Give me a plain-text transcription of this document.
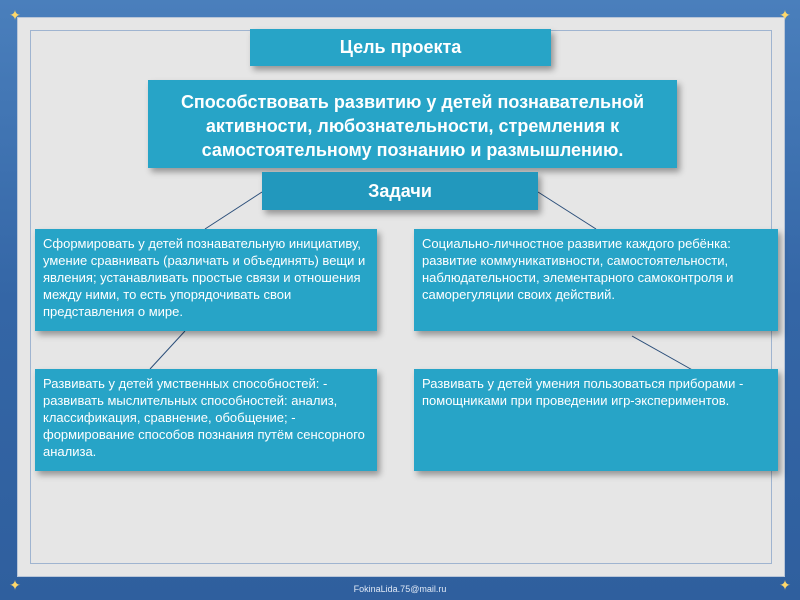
✦	✦
✦	✦
Цель проекта
Способствовать развитию у детей познавательной активности, любознательности, стремления к самостоятельному познанию и размышлению.
Задачи
Сформировать у детей познавательную инициативу, умение сравнивать (различать и объединять) вещи и явления; устанавливать простые связи и отношения между ними, то есть упорядочивать свои представления о мире.
Социально-личностное развитие каждого ребёнка: развитие коммуникативности, самостоятельности, наблюдательности, элементарного самоконтроля и саморегуляции своих действий.
Развивать у детей умственных способностей: - развивать мыслительных способностей: анализ, классификация, сравнение, обобщение; - формирование способов познания путём сенсорного анализа.
Развивать у детей умения пользоваться приборами - помощниками при проведении игр-экспериментов.
FokinaLida.75@mail.ru
